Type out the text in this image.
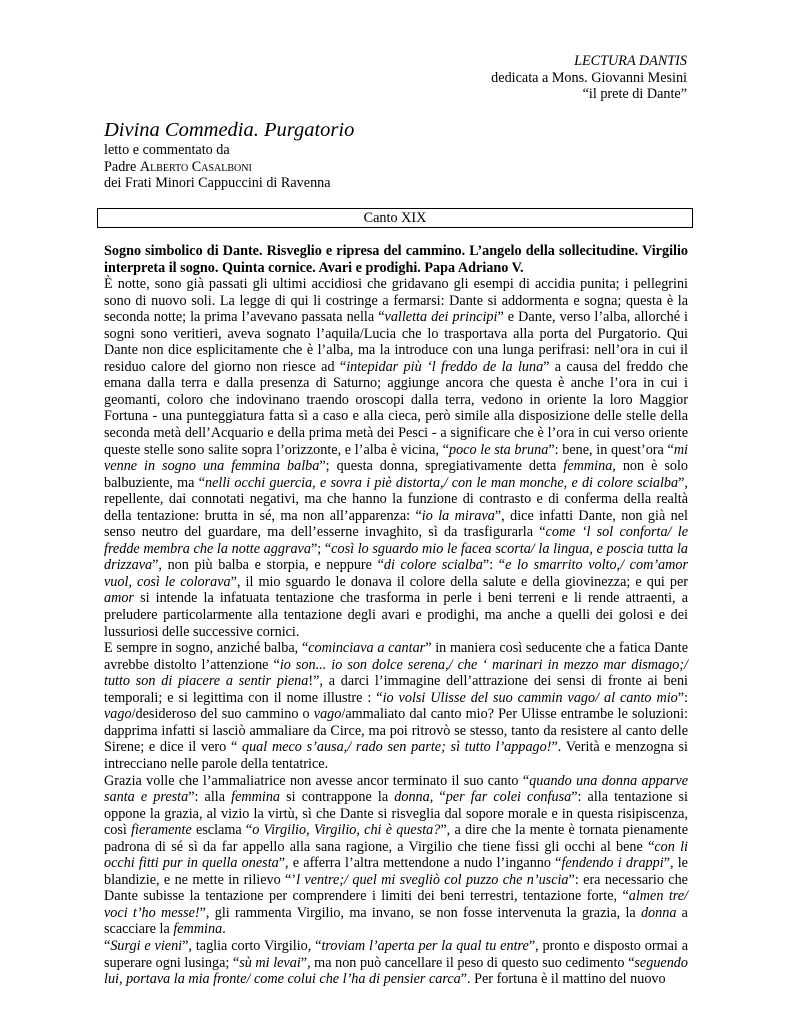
LECTURA DANTIS
dedicata a Mons. Giovanni Mesini
“il prete di Dante”
Divina Commedia. Purgatorio
letto e commentato da
Padre Alberto Casalboni
dei Frati Minori Cappuccini di Ravenna
Canto XIX

Sogno simbolico di Dante. Risveglio e ripresa del cammino. L’angelo della sollecitudine. Virgilio interpreta il sogno. Quinta cornice. Avari e prodighi. Papa Adriano V.

È notte, sono già passati gli ultimi accidiosi che gridavano gli esempi di accidia punita; i pellegrini sono di nuovo soli. La legge di qui li costringe a fermarsi: Dante si addormenta e sogna; questa è la seconda notte; la prima l’avevano passata nella “valletta dei principi” e Dante, verso l’alba, allorché i sogni sono veritieri, aveva sognato l’aquila/Lucia che lo trasportava alla porta del Purgatorio. Qui Dante non dice esplicitamente che è l’alba, ma la introduce con una lunga perifrasi: nell’ora in cui il residuo calore del giorno non riesce ad “intepidar più ‘l freddo de la luna” a causa del freddo che emana dalla terra e dalla presenza di Saturno; aggiunge ancora che questa è anche l’ora in cui i geomanti, coloro che indovinano traendo oroscopi dalla terra, vedono in oriente la loro Maggior Fortuna - una punteggiatura fatta sì a caso e alla cieca, però simile alla disposizione delle stelle della seconda metà dell’Acquario e della prima metà dei Pesci - a significare che è l’ora in cui verso oriente queste stelle sono salite sopra l’orizzonte, e l’alba è vicina, “poco le sta bruna”: bene, in quest’ora “mi venne in sogno una femmina balba”; questa donna, spregiativamente detta femmina, non è solo balbuziente, ma “nelli occhi guercia, e sovra i piè distorta,/ con le man monche, e di colore scialba”, repellente, dai connotati negativi, ma che hanno la funzione di contrasto e di conferma della realtà della tentazione: brutta in sé, ma non all’apparenza: “io la mirava”, dice infatti Dante, non già nel senso neutro del guardare, ma dell’esserne invaghito, sì da trasfigurarla “come ‘l sol conforta/ le fredde membra che la notte aggrava”; “così lo sguardo mio le facea scorta/ la lingua, e poscia tutta la drizzava”, non più balba e storpia, e neppure “di colore scialba”: “e lo smarrito volto,/ com’amor vuol, così le colorava”, il mio sguardo le donava il colore della salute e della giovinezza; e qui per amor si intende la infatuata tentazione che trasforma in perle i beni terreni e li rende attraenti, a preludere particolarmente alla tentazione degli avari e prodighi, ma anche a quelli dei golosi e dei lussuriosi delle successive cornici.

E sempre in sogno, anziché balba, “cominciava a cantar” in maniera così seducente che a fatica Dante avrebbe distolto l’attenzione “io son... io son dolce serena,/ che ‘ marinari in mezzo mar dismago;/ tutto son di piacere a sentir piena!”, a darci l’immagine dell’attrazione dei sensi di fronte ai beni temporali; e si legittima con il nome illustre : “io volsi Ulisse del suo cammin vago/ al canto mio”: vago/desideroso del suo cammino o vago/ammaliato dal canto mio? Per Ulisse entrambe le soluzioni: dapprima infatti si lasciò ammaliare da Circe, ma poi ritrovò se stesso, tanto da resistere al canto delle Sirene; e dice il vero “ qual meco s’ausa,/ rado sen parte; sì tutto l’appago!”. Verità e menzogna si intrecciano nelle parole della tentatrice.

Grazia volle che l’ammaliatrice non avesse ancor terminato il suo canto “quando una donna apparve santa e presta”: alla femmina si contrappone la donna, “per far colei confusa”: alla tentazione si oppone la grazia, al vizio la virtù, sì che Dante si risveglia dal sopore morale e in questa risipiscenza, così fieramente esclama “o Virgilio, Virgilio, chi è questa?”, a dire che la mente è tornata pienamente padrona di sé sì da far appello alla sana ragione, a Virgilio che tiene fissi gli occhi al bene “con li occhi fitti pur in quella onesta”, e afferra l’altra mettendone a nudo l’inganno “fendendo i drappi”, le blandizie, e ne mette in rilievo “’l ventre;/ quel mi svegliò col puzzo che n’uscia”: era necessario che Dante subisse la tentazione per comprendere i limiti dei beni terrestri, tentazione forte, “almen tre/ voci t’ho messe!”, gli rammenta Virgilio, ma invano, se non fosse intervenuta la grazia, la donna a scacciare la femmina.

“Surgi e vieni”, taglia corto Virgilio, “troviam l’aperta per la qual tu entre”, pronto e disposto ormai a superare ogni lusinga; “sù mi levai”, ma non può cancellare il peso di questo suo cedimento “seguendo lui, portava la mia fronte/ come colui che l’ha di pensier carca”. Per fortuna è il mattino del nuovo
